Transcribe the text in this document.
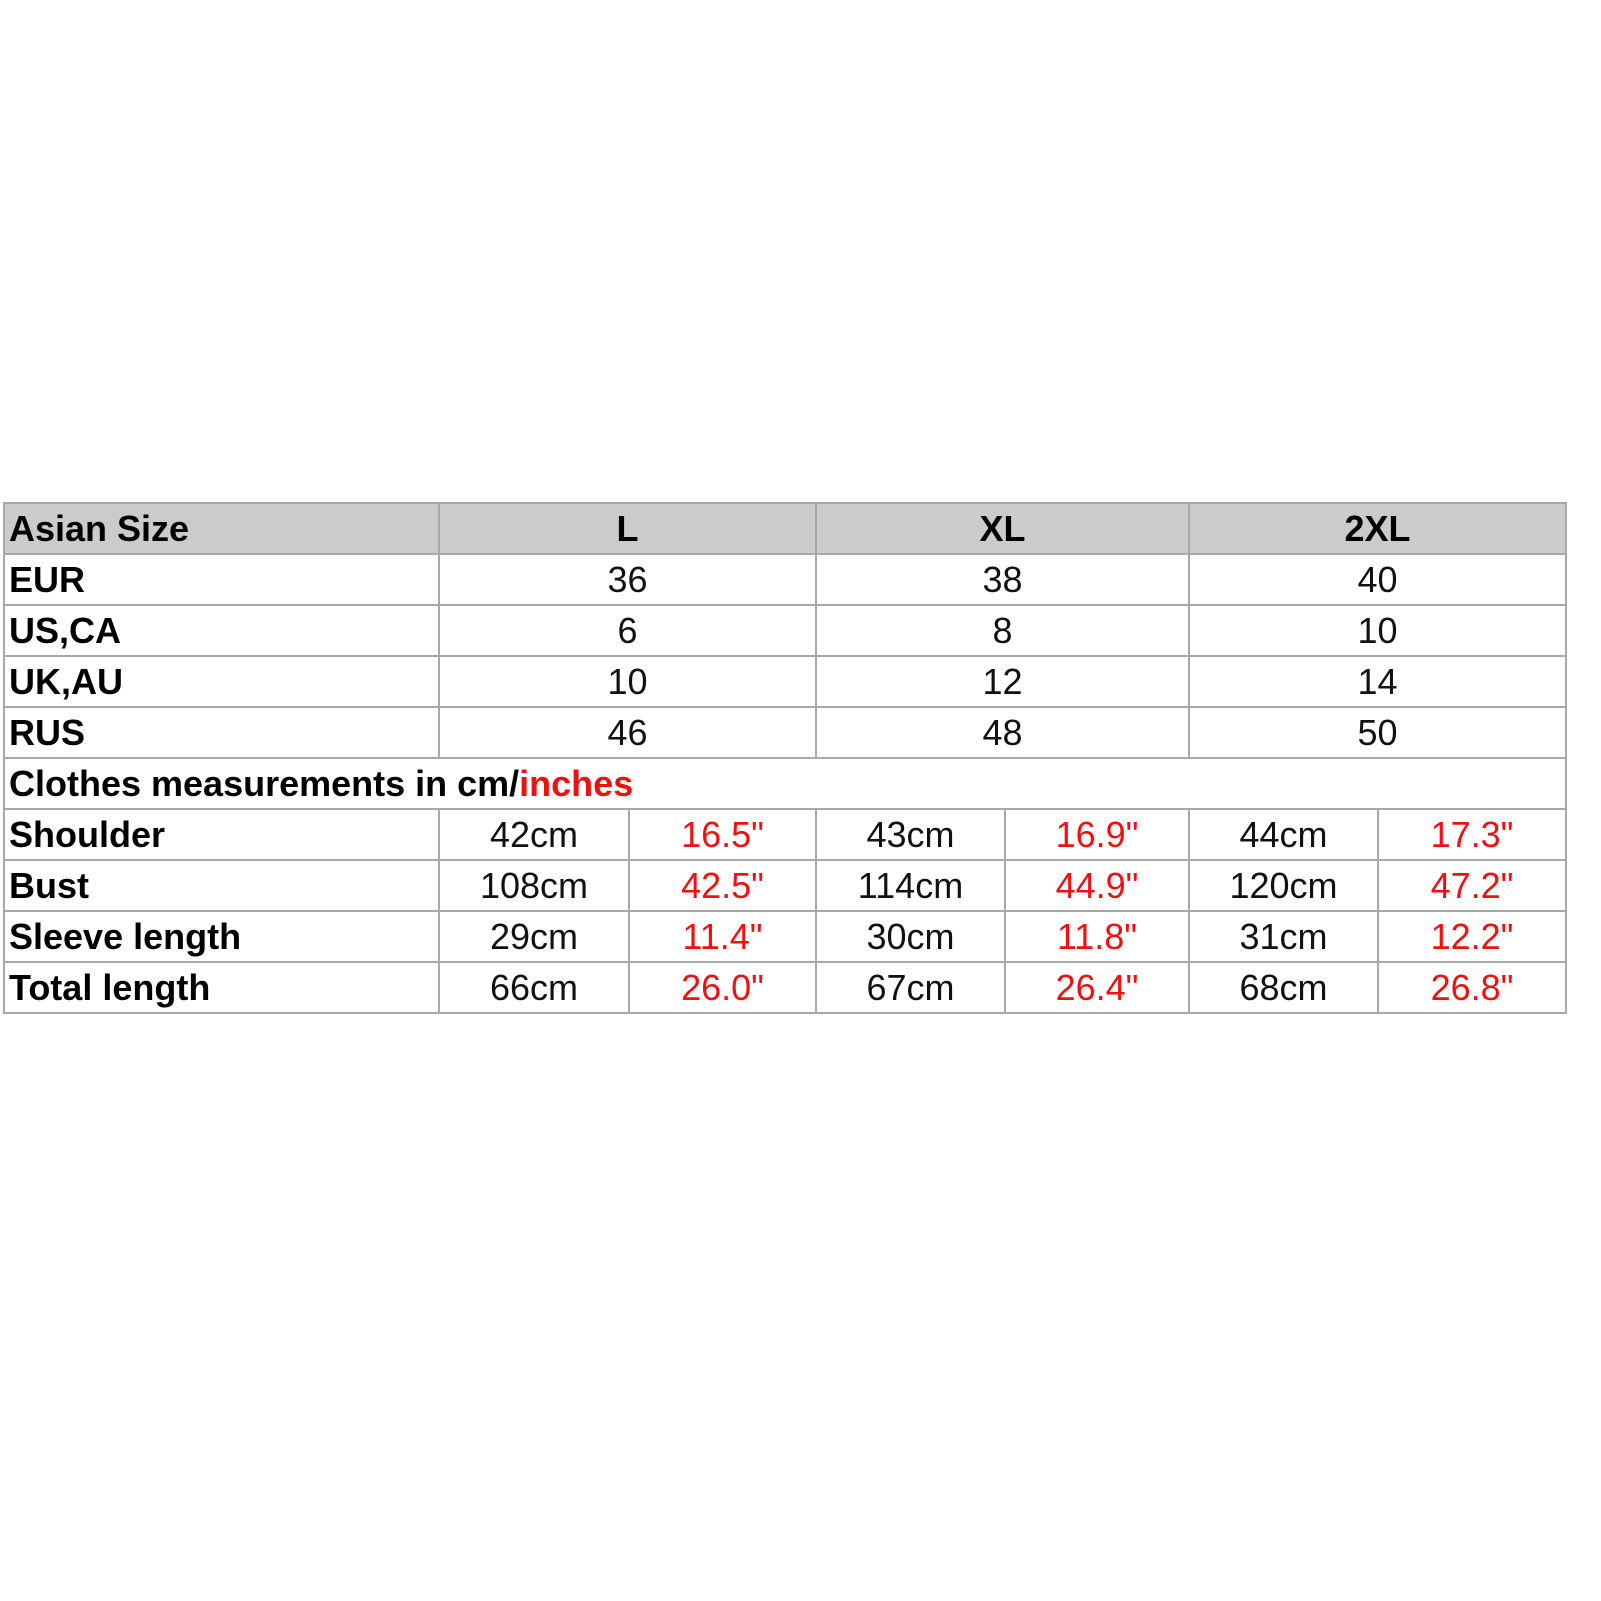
Asian Size	L		XL		2XL	
EUR	36		38		40	
US,CA	6		8		10	
UK,AU	10		12		14	
RUS	46		48		50	
Clothes measurements in cm/inches						
Shoulder	42cm	16.5"	43cm	16.9"	44cm	17.3"
Bust	108cm	42.5"	114cm	44.9"	120cm	47.2"
Sleeve length	29cm	11.4"	30cm	11.8"	31cm	12.2"
Total length	66cm	26.0"	67cm	26.4"	68cm	26.8"
